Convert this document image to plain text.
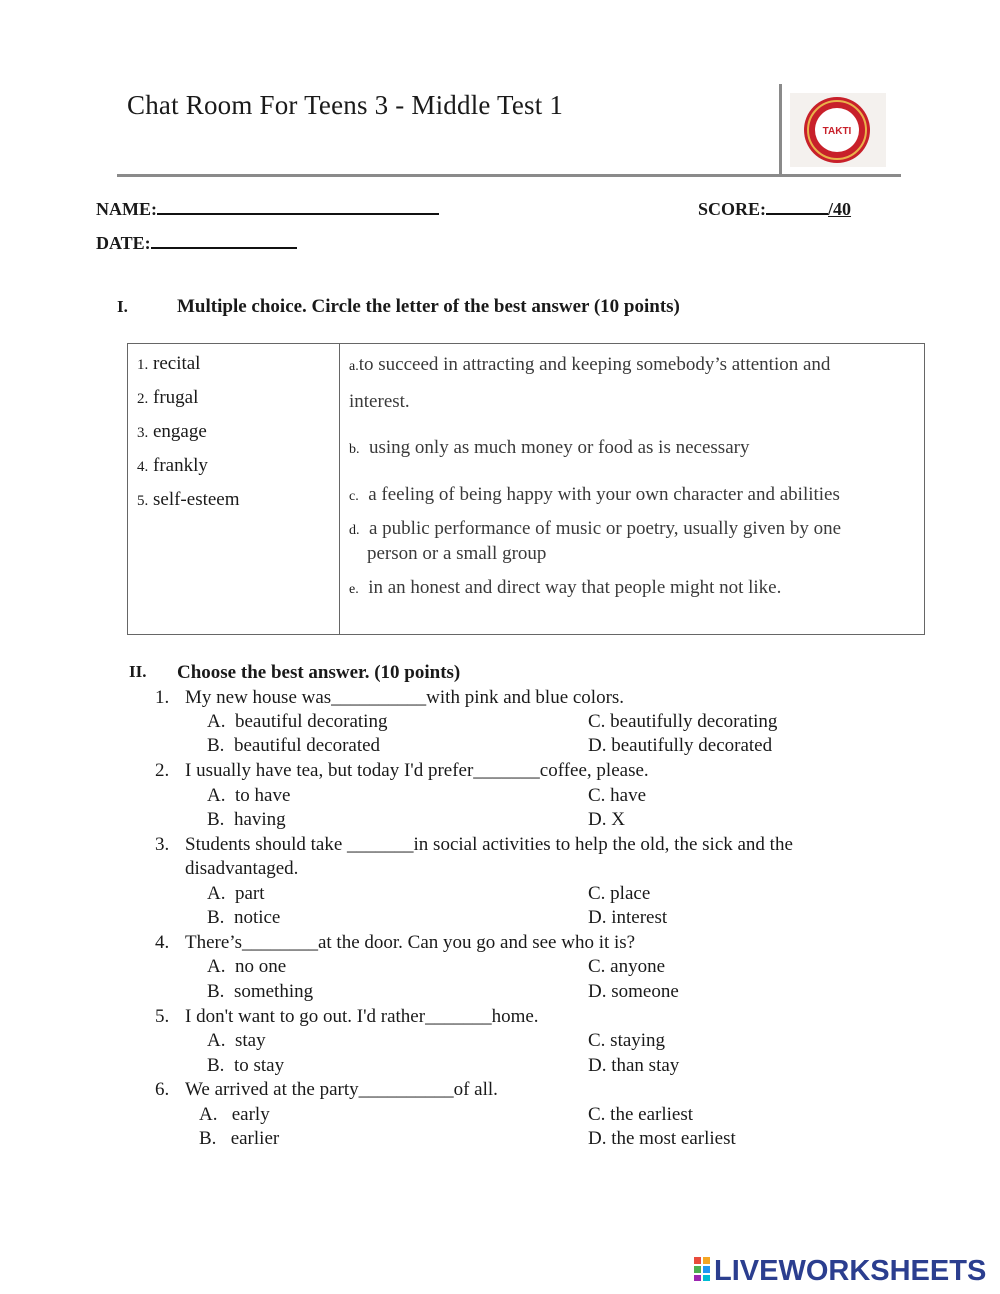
Chat Room For Teens 3 - Middle Test 1
TAKTI
NAME:	SCORE:	/40
DATE:
I.	Multiple choice. Circle the letter of the best answer (10 points)
1. recital
2. frugal
3. engage
4. frankly
5. self-esteem
a.to succeed in attracting and keeping somebody’s attention and
interest.
b. using only as much money or food as is necessary
c. a feeling of being happy with your own character and abilities
d. a public performance of music or poetry, usually given by one
person or a small group
e. in an honest and direct way that people might not like.
II. Choose the best answer. (10 points)
1. My new house was__________with pink and blue colors.
A. beautiful decorating	C. beautifully decorating
B. beautiful decorated	D. beautifully decorated
2. I usually have tea, but today I'd prefer_______coffee, please.
A. to have	C. have
B. having	D. X
3. Students should take _______in social activities to help the old, the sick and the
disadvantaged.
A. part	C. place
B. notice	D. interest
4. There’s________at the door. Can you go and see who it is?
A. no one	C. anyone
B. something	D. someone
5. I don't want to go out. I'd rather_______home.
A. stay	C. staying
B. to stay	D. than stay
6. We arrived at the party__________of all.
A. early	C. the earliest
B. earlier	D. the most earliest
LIVEWORKSHEETS
